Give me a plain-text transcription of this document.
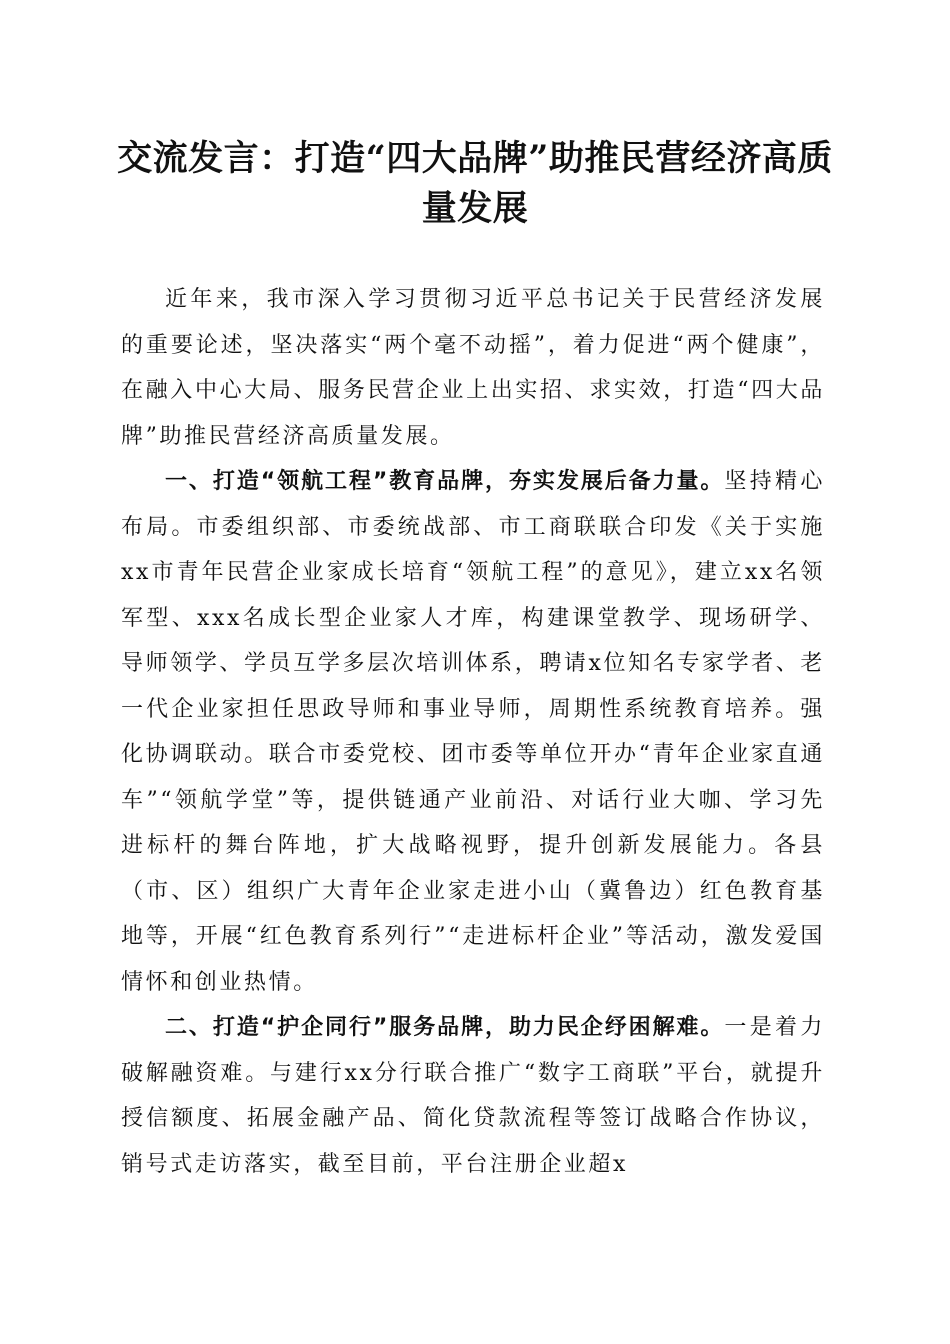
交流发言：打造“四大品牌”助推民营经济高质量发展

近年来，我市深入学习贯彻习近平总书记关于民营经济发展的重要论述，坚决落实“两个毫不动摇”，着力促进“两个健康”，在融入中心大局、服务民营企业上出实招、求实效，打造“四大品牌”助推民营经济高质量发展。

一、打造“领航工程”教育品牌，夯实发展后备力量。坚持精心布局。市委组织部、市委统战部、市工商联联合印发《关于实施xx市青年民营企业家成长培育“领航工程”的意见》，建立xx名领军型、xxx名成长型企业家人才库，构建课堂教学、现场研学、导师领学、学员互学多层次培训体系，聘请x位知名专家学者、老一代企业家担任思政导师和事业导师，周期性系统教育培养。强化协调联动。联合市委党校、团市委等单位开办“青年企业家直通车”“领航学堂”等，提供链通产业前沿、对话行业大咖、学习先进标杆的舞台阵地，扩大战略视野，提升创新发展能力。各县（市、区）组织广大青年企业家走进小山（冀鲁边）红色教育基地等，开展“红色教育系列行”“走进标杆企业”等活动，激发爱国情怀和创业热情。

二、打造“护企同行”服务品牌，助力民企纾困解难。一是着力破解融资难。与建行xx分行联合推广“数字工商联”平台，就提升授信额度、拓展金融产品、简化贷款流程等签订战略合作协议，销号式走访落实，截至目前，平台注册企业超x
